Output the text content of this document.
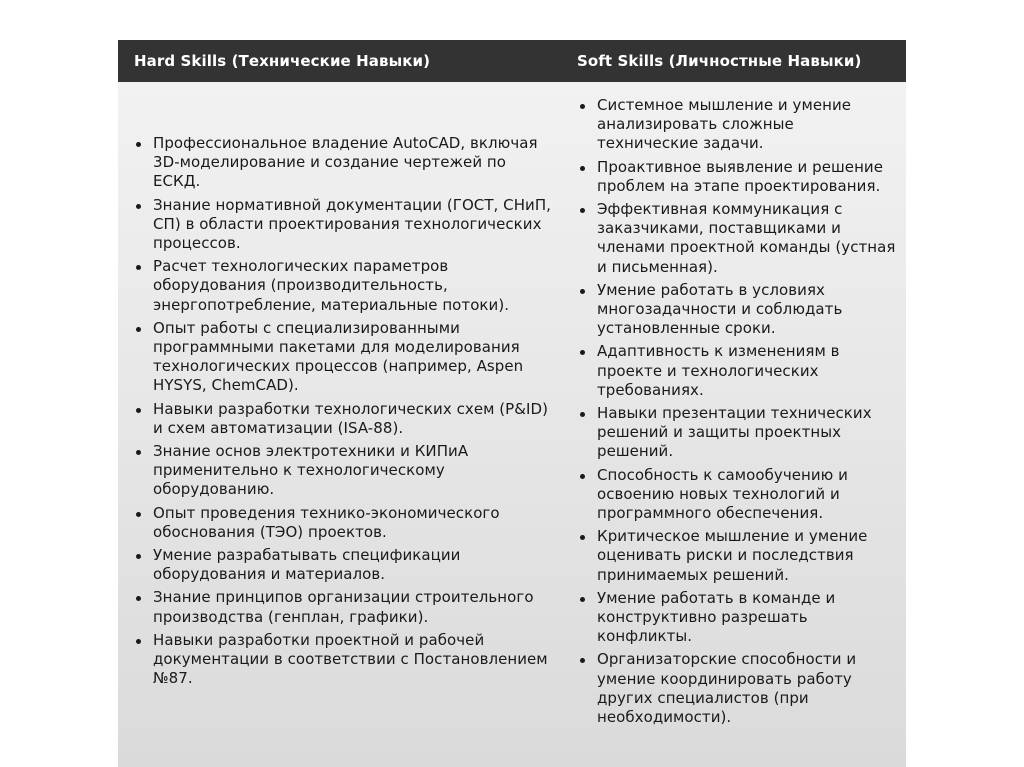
Hard Skills (Технические Навыки)	Soft Skills (Личностные Навыки)
Профессиональное владение AutoCAD, включая 3D-моделирование и создание чертежей по ЕСКД.
Знание нормативной документации (ГОСТ, СНиП, СП) в области проектирования технологических процессов.
Расчет технологических параметров оборудования (производительность, энергопотребление, материальные потоки).
Опыт работы с специализированными программными пакетами для моделирования технологических процессов (например, Aspen HYSYS, ChemCAD).
Навыки разработки технологических схем (P&ID) и схем автоматизации (ISA-88).
Знание основ электротехники и КИПиА применительно к технологическому оборудованию.
Опыт проведения технико-экономического обоснования (ТЭО) проектов.
Умение разрабатывать спецификации оборудования и материалов.
Знание принципов организации строительного производства (генплан, графики).
Навыки разработки проектной и рабочей документации в соответствии с Постановлением №87.
Системное мышление и умение анализировать сложные технические задачи.
Проактивное выявление и решение проблем на этапе проектирования.
Эффективная коммуникация с заказчиками, поставщиками и членами проектной команды (устная и письменная).
Умение работать в условиях многозадачности и соблюдать установленные сроки.
Адаптивность к изменениям в проекте и технологических требованиях.
Навыки презентации технических решений и защиты проектных решений.
Способность к самообучению и освоению новых технологий и программного обеспечения.
Критическое мышление и умение оценивать риски и последствия принимаемых решений.
Умение работать в команде и конструктивно разрешать конфликты.
Организаторские способности и умение координировать работу других специалистов (при необходимости).
